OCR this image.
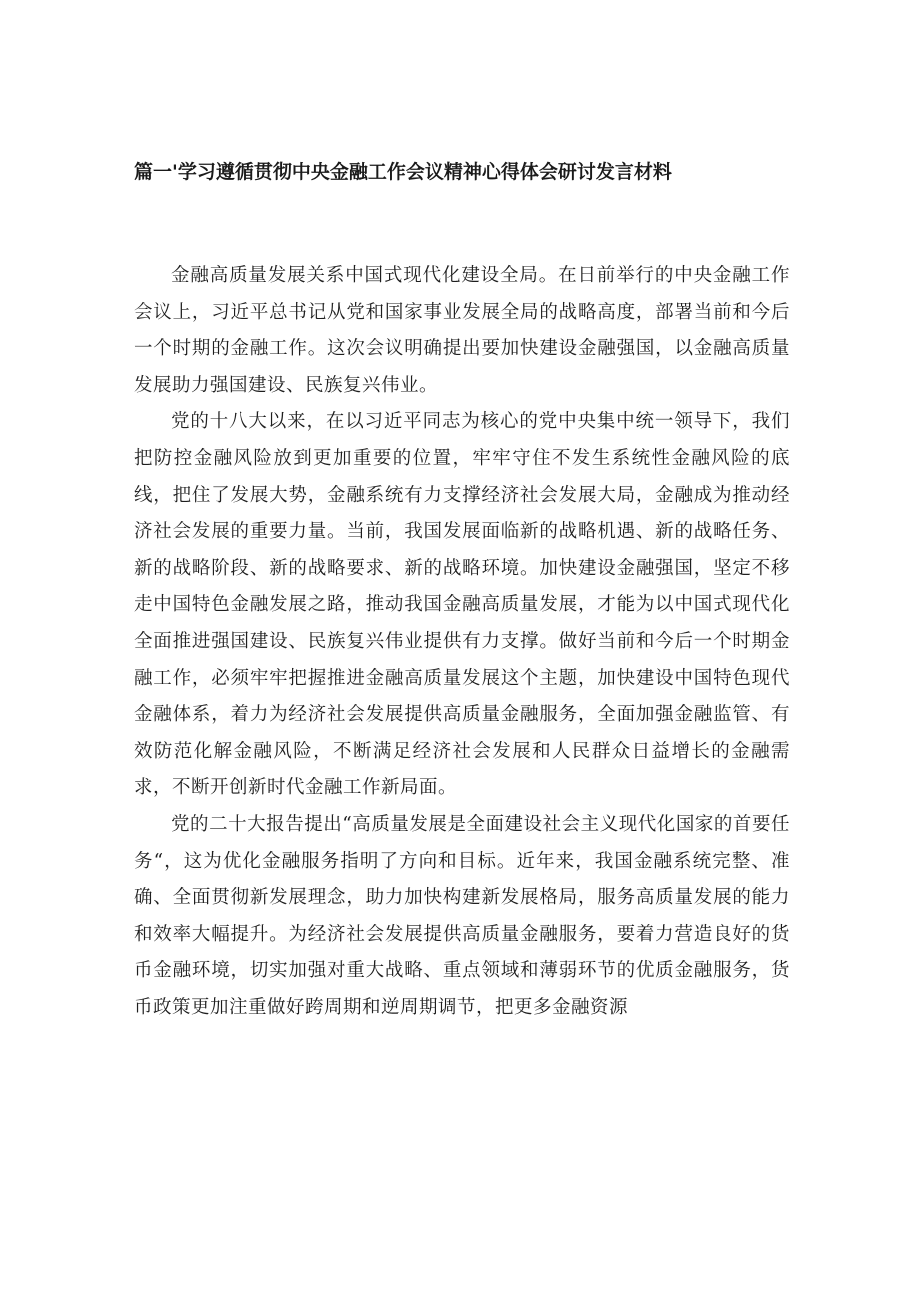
篇一'学习遵循贯彻中央金融工作会议精神心得体会研讨发言材料

金融高质量发展关系中国式现代化建设全局。在日前举行的中央金融工作会议上，习近平总书记从党和国家事业发展全局的战略高度，部署当前和今后一个时期的金融工作。这次会议明确提出要加快建设金融强国，以金融高质量发展助力强国建设、民族复兴伟业。

党的十八大以来，在以习近平同志为核心的党中央集中统一领导下，我们把防控金融风险放到更加重要的位置，牢牢守住不发生系统性金融风险的底线，把住了发展大势，金融系统有力支撑经济社会发展大局，金融成为推动经济社会发展的重要力量。当前，我国发展面临新的战略机遇、新的战略任务、新的战略阶段、新的战略要求、新的战略环境。加快建设金融强国，坚定不移走中国特色金融发展之路，推动我国金融高质量发展，才能为以中国式现代化全面推进强国建设、民族复兴伟业提供有力支撑。做好当前和今后一个时期金融工作，必须牢牢把握推进金融高质量发展这个主题，加快建设中国特色现代金融体系，着力为经济社会发展提供高质量金融服务，全面加强金融监管、有效防范化解金融风险，不断满足经济社会发展和人民群众日益增长的金融需求，不断开创新时代金融工作新局面。

党的二十大报告提出“高质量发展是全面建设社会主义现代化国家的首要任务“，这为优化金融服务指明了方向和目标。近年来，我国金融系统完整、准确、全面贯彻新发展理念，助力加快构建新发展格局，服务高质量发展的能力和效率大幅提升。为经济社会发展提供高质量金融服务，要着力营造良好的货币金融环境，切实加强对重大战略、重点领域和薄弱环节的优质金融服务，货币政策更加注重做好跨周期和逆周期调节，把更多金融资源
